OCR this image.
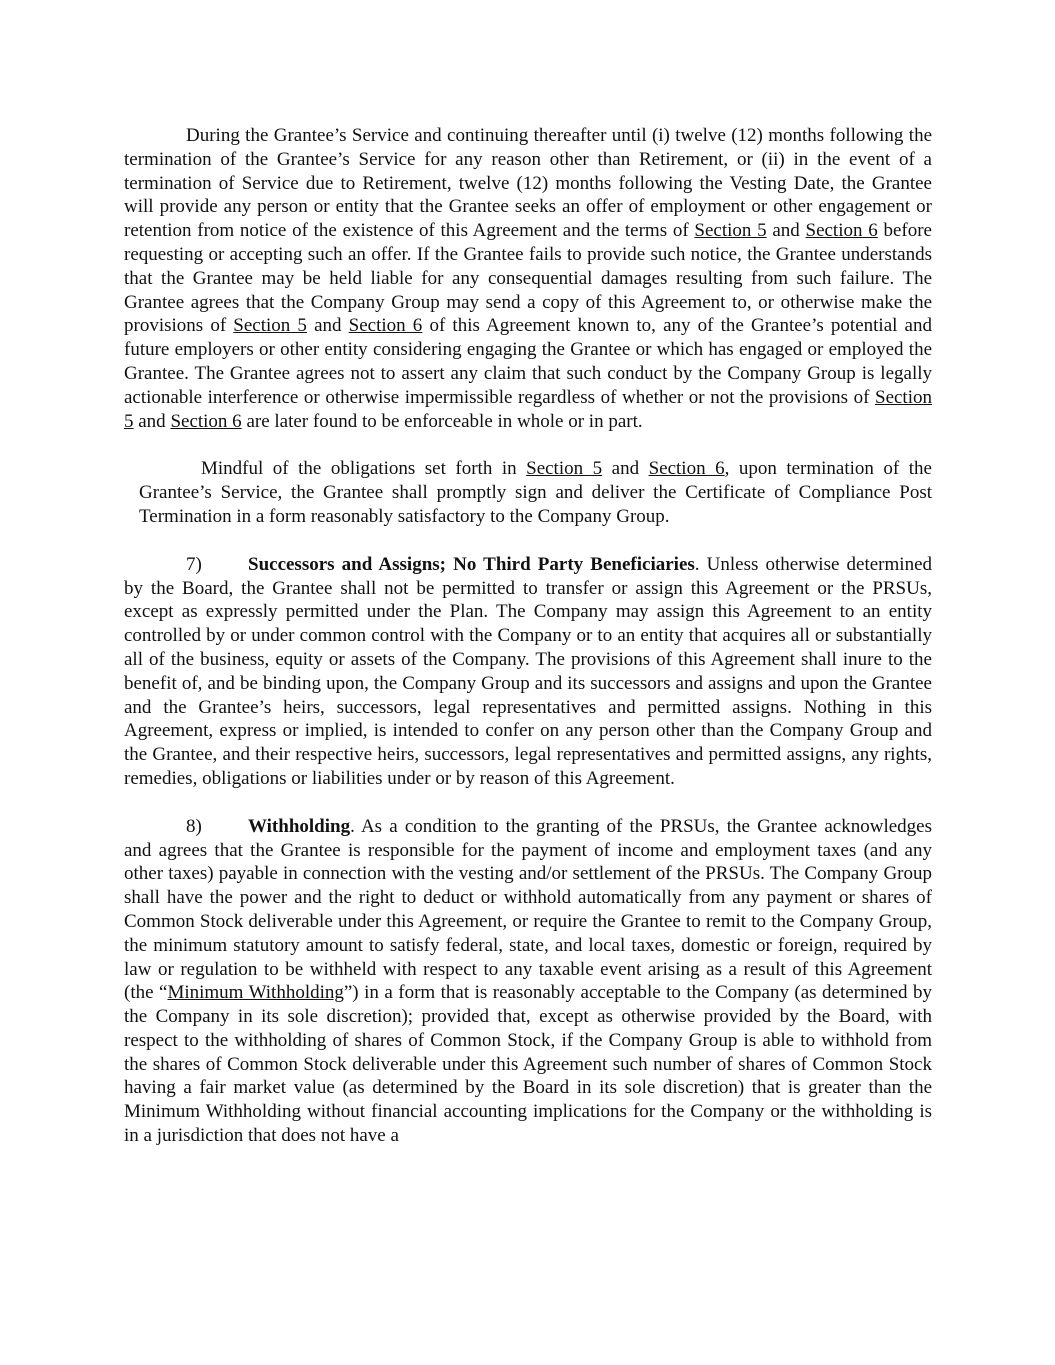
During the Grantee’s Service and continuing thereafter until (i) twelve (12) months following the termination of the Grantee’s Service for any reason other than Retirement, or (ii) in the event of a termination of Service due to Retirement, twelve (12) months following the Vesting Date, the Grantee will provide any person or entity that the Grantee seeks an offer of employment or other engagement or retention from notice of the existence of this Agreement and the terms of Section 5 and Section 6 before requesting or accepting such an offer. If the Grantee fails to provide such notice, the Grantee understands that the Grantee may be held liable for any consequential damages resulting from such failure. The Grantee agrees that the Company Group may send a copy of this Agreement to, or otherwise make the provisions of Section 5 and Section 6 of this Agreement known to, any of the Grantee’s potential and future employers or other entity considering engaging the Grantee or which has engaged or employed the Grantee. The Grantee agrees not to assert any claim that such conduct by the Company Group is legally actionable interference or otherwise impermissible regardless of whether or not the provisions of Section 5 and Section 6 are later found to be enforceable in whole or in part.

Mindful of the obligations set forth in Section 5 and Section 6, upon termination of the Grantee’s Service, the Grantee shall promptly sign and deliver the Certificate of Compliance Post Termination in a form reasonably satisfactory to the Company Group.

7) Successors and Assigns; No Third Party Beneficiaries. Unless otherwise determined by the Board, the Grantee shall not be permitted to transfer or assign this Agreement or the PRSUs, except as expressly permitted under the Plan. The Company may assign this Agreement to an entity controlled by or under common control with the Company or to an entity that acquires all or substantially all of the business, equity or assets of the Company. The provisions of this Agreement shall inure to the benefit of, and be binding upon, the Company Group and its successors and assigns and upon the Grantee and the Grantee’s heirs, successors, legal representatives and permitted assigns. Nothing in this Agreement, express or implied, is intended to confer on any person other than the Company Group and the Grantee, and their respective heirs, successors, legal representatives and permitted assigns, any rights, remedies, obligations or liabilities under or by reason of this Agreement.

8) Withholding. As a condition to the granting of the PRSUs, the Grantee acknowledges and agrees that the Grantee is responsible for the payment of income and employment taxes (and any other taxes) payable in connection with the vesting and/or settlement of the PRSUs. The Company Group shall have the power and the right to deduct or withhold automatically from any payment or shares of Common Stock deliverable under this Agreement, or require the Grantee to remit to the Company Group, the minimum statutory amount to satisfy federal, state, and local taxes, domestic or foreign, required by law or regulation to be withheld with respect to any taxable event arising as a result of this Agreement (the “Minimum Withholding”) in a form that is reasonably acceptable to the Company (as determined by the Company in its sole discretion); provided that, except as otherwise provided by the Board, with respect to the withholding of shares of Common Stock, if the Company Group is able to withhold from the shares of Common Stock deliverable under this Agreement such number of shares of Common Stock having a fair market value (as determined by the Board in its sole discretion) that is greater than the Minimum Withholding without financial accounting implications for the Company or the withholding is in a jurisdiction that does not have a
